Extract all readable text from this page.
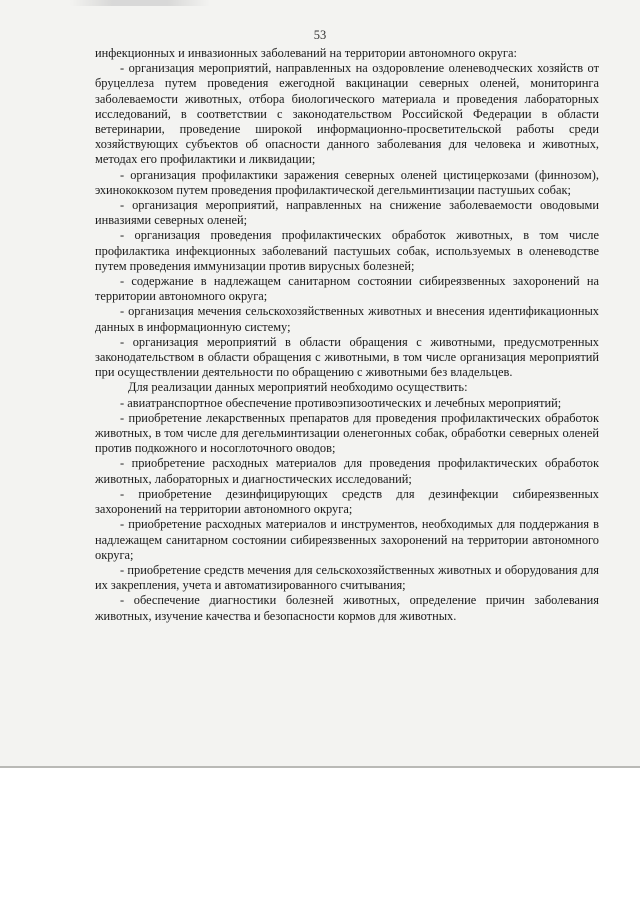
53

инфекционных и инвазионных заболеваний на территории автономного округа:

- организация мероприятий, направленных на оздоровление оленеводческих хозяйств от бруцеллеза путем проведения ежегодной вакцинации северных оленей, мониторинга заболеваемости животных, отбора биологического материала и проведения лабораторных исследований, в соответствии с законодательством Российской Федерации в области ветеринарии, проведение широкой информационно-просветительской работы среди хозяйствующих субъектов об опасности данного заболевания для человека и животных, методах его профилактики и ликвидации;

- организация профилактики заражения северных оленей цистицеркозами (финнозом), эхинококкозом путем проведения профилактической дегельминтизации пастушьих собак;

- организация мероприятий, направленных на снижение заболеваемости оводовыми инвазиями северных оленей;

- организация проведения профилактических обработок животных, в том числе профилактика инфекционных заболеваний пастушьих собак, используемых в оленеводстве путем проведения иммунизации против вирусных болезней;

- содержание в надлежащем санитарном состоянии сибиреязвенных захоронений на территории автономного округа;

- организация мечения сельскохозяйственных животных и внесения идентификационных данных в информационную систему;

- организация мероприятий в области обращения с животными, предусмотренных законодательством в области обращения с животными, в том числе организация мероприятий при осуществлении деятельности по обращению с животными без владельцев.

Для реализации данных мероприятий необходимо осуществить:

- авиатранспортное обеспечение противоэпизоотических и лечебных мероприятий;

- приобретение лекарственных препаратов для проведения профилактических обработок животных, в том числе для дегельминтизации оленегонных собак, обработки северных оленей против подкожного и носоглоточного оводов;

- приобретение расходных материалов для проведения профилактических обработок животных, лабораторных и диагностических исследований;

- приобретение дезинфицирующих средств для дезинфекции сибиреязвенных захоронений на территории автономного округа;

- приобретение расходных материалов и инструментов, необходимых для поддержания в надлежащем санитарном состоянии сибиреязвенных захоронений на территории автономного округа;

- приобретение средств мечения для сельскохозяйственных животных и оборудования для их закрепления, учета и автоматизированного считывания;

- обеспечение диагностики болезней животных, определение причин заболевания животных, изучение качества и безопасности кормов для животных.
